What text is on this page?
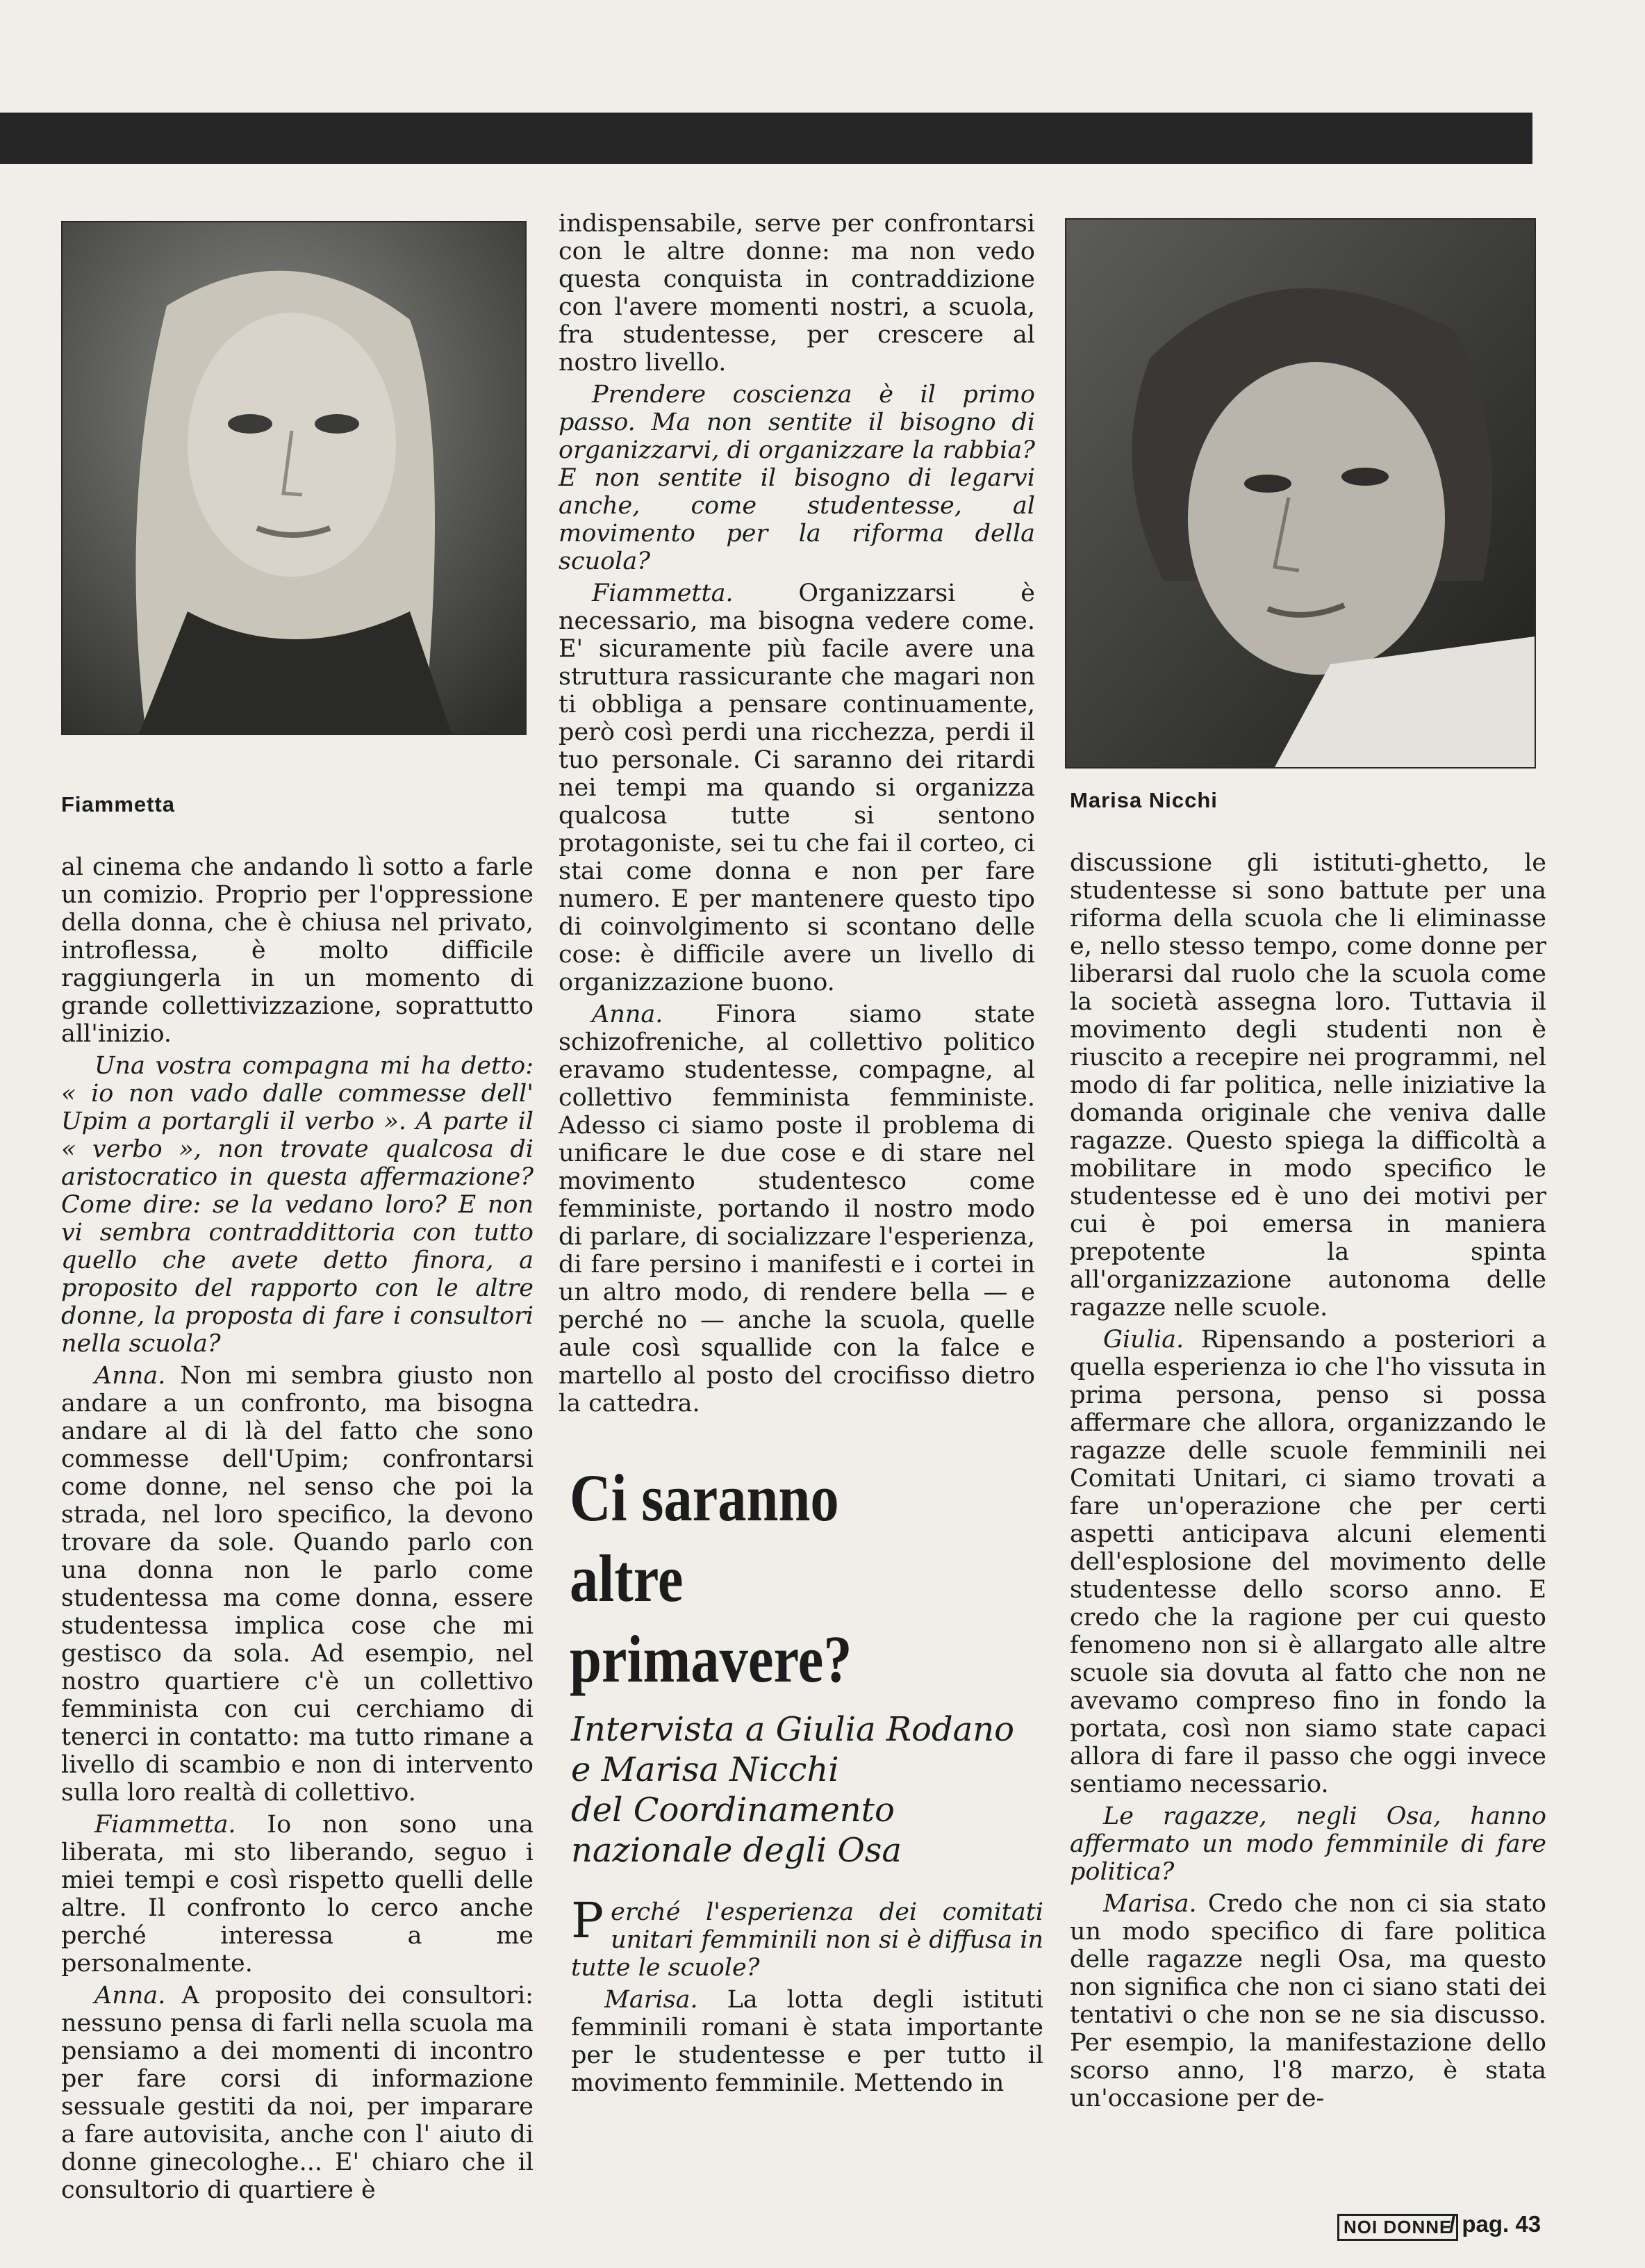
Fiammetta	Marisa Nicchi

al cinema che andando lì sotto a farle un comizio. Proprio per l'oppressione della donna, che è chiusa nel privato, introflessa, è molto difficile raggiungerla in un momento di grande collettivizzazione, soprattutto all'inizio.

Una vostra compagna mi ha detto: « io non vado dalle commesse dell' Upim a portargli il verbo ». A parte il « verbo », non trovate qualcosa di aristocratico in questa affermazione? Come dire: se la vedano loro? E non vi sembra contraddittoria con tutto quello che avete detto finora, a proposito del rapporto con le altre donne, la proposta di fare i consultori nella scuola?

Anna. Non mi sembra giusto non andare a un confronto, ma bisogna andare al di là del fatto che sono commesse dell'Upim; confrontarsi come donne, nel senso che poi la strada, nel loro specifico, la devono trovare da sole. Quando parlo con una donna non le parlo come studentessa ma come donna, essere studentessa implica cose che mi gestisco da sola. Ad esempio, nel nostro quartiere c'è un collettivo femminista con cui cerchiamo di tenerci in contatto: ma tutto rimane a livello di scambio e non di intervento sulla loro realtà di collettivo.

Fiammetta. Io non sono una liberata, mi sto liberando, seguo i miei tempi e così rispetto quelli delle altre. Il confronto lo cerco anche perché interessa a me personalmente.

Anna. A proposito dei consultori: nessuno pensa di farli nella scuola ma pensiamo a dei momenti di incontro per fare corsi di informazione sessuale gestiti da noi, per imparare a fare autovisita, anche con l' aiuto di donne ginecologhe... E' chiaro che il consultorio di quartiere è

indispensabile, serve per confrontarsi con le altre donne: ma non vedo questa conquista in contraddizione con l'avere momenti nostri, a scuola, fra studentesse, per crescere al nostro livello.

Prendere coscienza è il primo passo. Ma non sentite il bisogno di organizzarvi, di organizzare la rabbia? E non sentite il bisogno di legarvi anche, come studentesse, al movimento per la riforma della scuola?

Fiammetta.	Organizzarsi è necessario, ma bisogna vedere come. E' sicuramente più facile avere una struttura rassicurante che magari non ti obbliga a pensare continuamente, però così perdi una ricchezza, perdi il tuo personale. Ci saranno dei ritardi nei tempi ma quando si organizza qualcosa tutte si sentono protagoniste, sei tu che fai il corteo, ci stai come donna e non per fare numero. E per mantenere questo tipo di coinvolgimento si scontano delle cose: è difficile avere un livello di organizzazione buono.

Anna. Finora siamo state schizofreniche, al collettivo politico eravamo studentesse, compagne, al collettivo femminista femministe. Adesso ci siamo poste il problema di unificare le due cose e di stare nel movimento studentesco come femministe, portando il nostro modo di parlare, di socializzare l'esperienza, di fare persino i manifesti e i cortei in un altro modo, di rendere bella — e perché no — anche la scuola, quelle aule così squallide con la falce e martello al posto del crocifisso dietro la cattedra.

Ci saranno
altre
primavere?
Intervista a Giulia Rodano
e Marisa Nicchi
del Coordinamento
nazionale degli Osa

Perché l'esperienza dei comitati unitari femminili non si è diffusa in tutte le scuole?

Marisa. La lotta degli istituti femminili romani è stata importante per le studentesse e per tutto il movimento femminile. Mettendo in

discussione gli istituti-ghetto, le studentesse si sono battute per una riforma della scuola che li eliminasse e, nello stesso tempo, come donne per liberarsi dal ruolo che la scuola come la società assegna loro. Tuttavia il movimento degli studenti non è riuscito a recepire nei programmi, nel modo di far politica, nelle iniziative la domanda originale che veniva dalle ragazze. Questo spiega la difficoltà a mobilitare in modo specifico le studentesse ed è uno dei motivi per cui è poi emersa in maniera prepotente la spinta all'organizzazione autonoma delle ragazze nelle scuole.

Giulia. Ripensando a posteriori a quella esperienza io che l'ho vissuta in prima persona, penso si possa affermare che allora, organizzando le ragazze delle scuole femminili nei Comitati Unitari, ci siamo trovati a fare un'operazione che per certi aspetti anticipava alcuni elementi dell'esplosione del movimento delle studentesse dello scorso anno. E credo che la ragione per cui questo fenomeno non si è allargato alle altre scuole sia dovuta al fatto che non ne avevamo compreso fino in fondo la portata, così non siamo state capaci allora di fare il passo che oggi invece sentiamo necessario.

Le ragazze, negli Osa, hanno affermato un modo femminile di fare politica?

Marisa. Credo che non ci sia stato un modo specifico di fare politica delle ragazze negli Osa, ma questo non significa che non ci siano stati dei tentativi o che non se ne sia discusso. Per esempio, la manifestazione dello scorso anno, l'8 marzo, è stata un'occasione per de-

NOI DONNE
/ pag. 43
